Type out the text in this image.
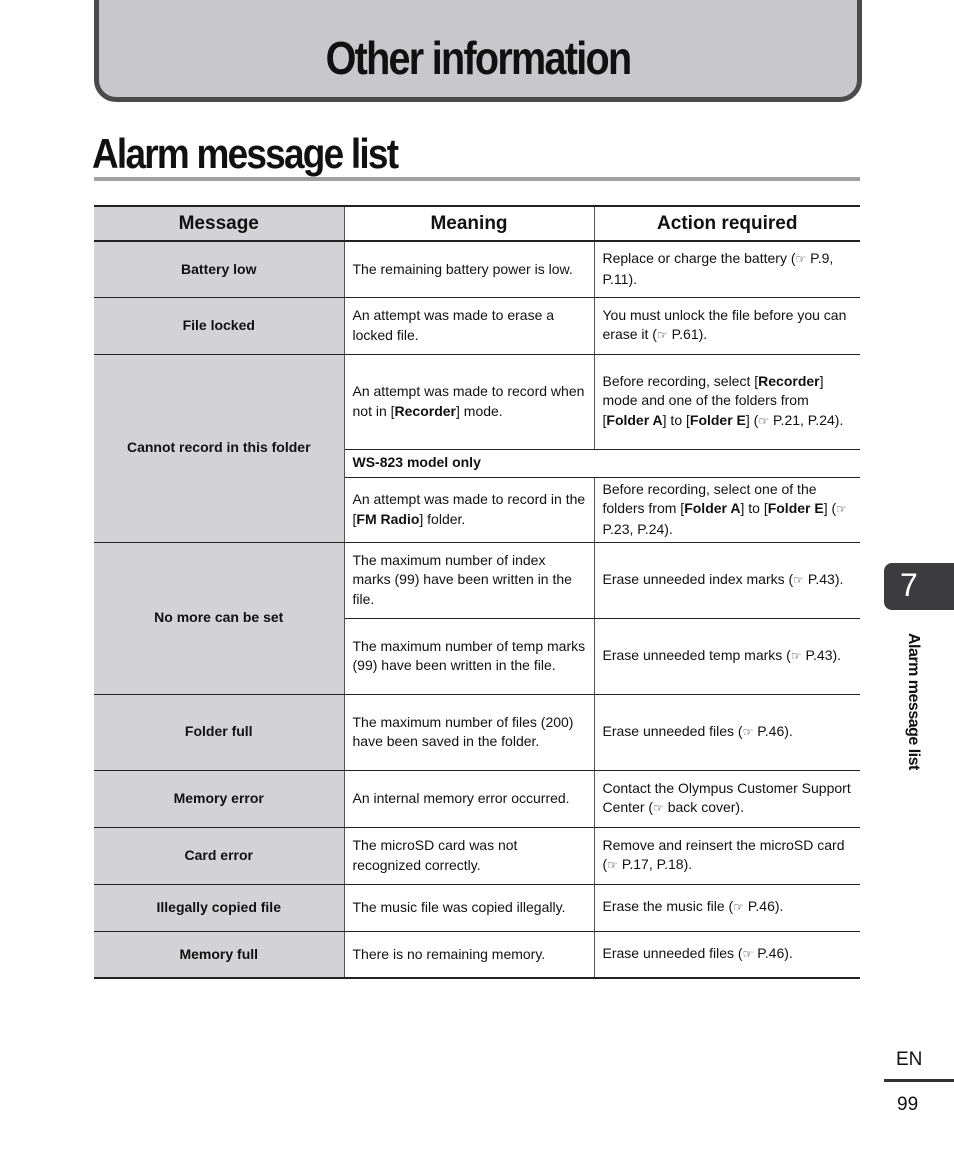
Other information
Alarm message list
Message	Meaning	Action required
Battery low	The remaining battery power is low.	Replace or charge the battery (☞ P.9, P.11).
File locked	An attempt was made to erase a locked file.	You must unlock the file before you can erase it (☞ P.61).
Cannot record in this folder	An attempt was made to record when not in [Recorder] mode.	Before recording, select [Recorder] mode and one of the folders from [Folder A] to [Folder E] (☞ P.21, P.24).
	WS-823 model only	
	An attempt was made to record in the [FM Radio] folder.	Before recording, select one of the folders from [Folder A] to [Folder E] (☞ P.23, P.24).
No more can be set	The maximum number of index marks (99) have been written in the file.	Erase unneeded index marks (☞ P.43).
	The maximum number of temp marks (99) have been written in the file.	Erase unneeded temp marks (☞ P.43).
Folder full	The maximum number of files (200) have been saved in the folder.	Erase unneeded files (☞ P.46).
Memory error	An internal memory error occurred.	Contact the Olympus Customer Support Center (☞ back cover).
Card error	The microSD card was not recognized correctly.	Remove and reinsert the microSD card (☞ P.17, P.18).
Illegally copied file	The music file was copied illegally.	Erase the music file (☞ P.46).
Memory full	There is no remaining memory.	Erase unneeded files (☞ P.46).
7
Alarm message list
EN
99
